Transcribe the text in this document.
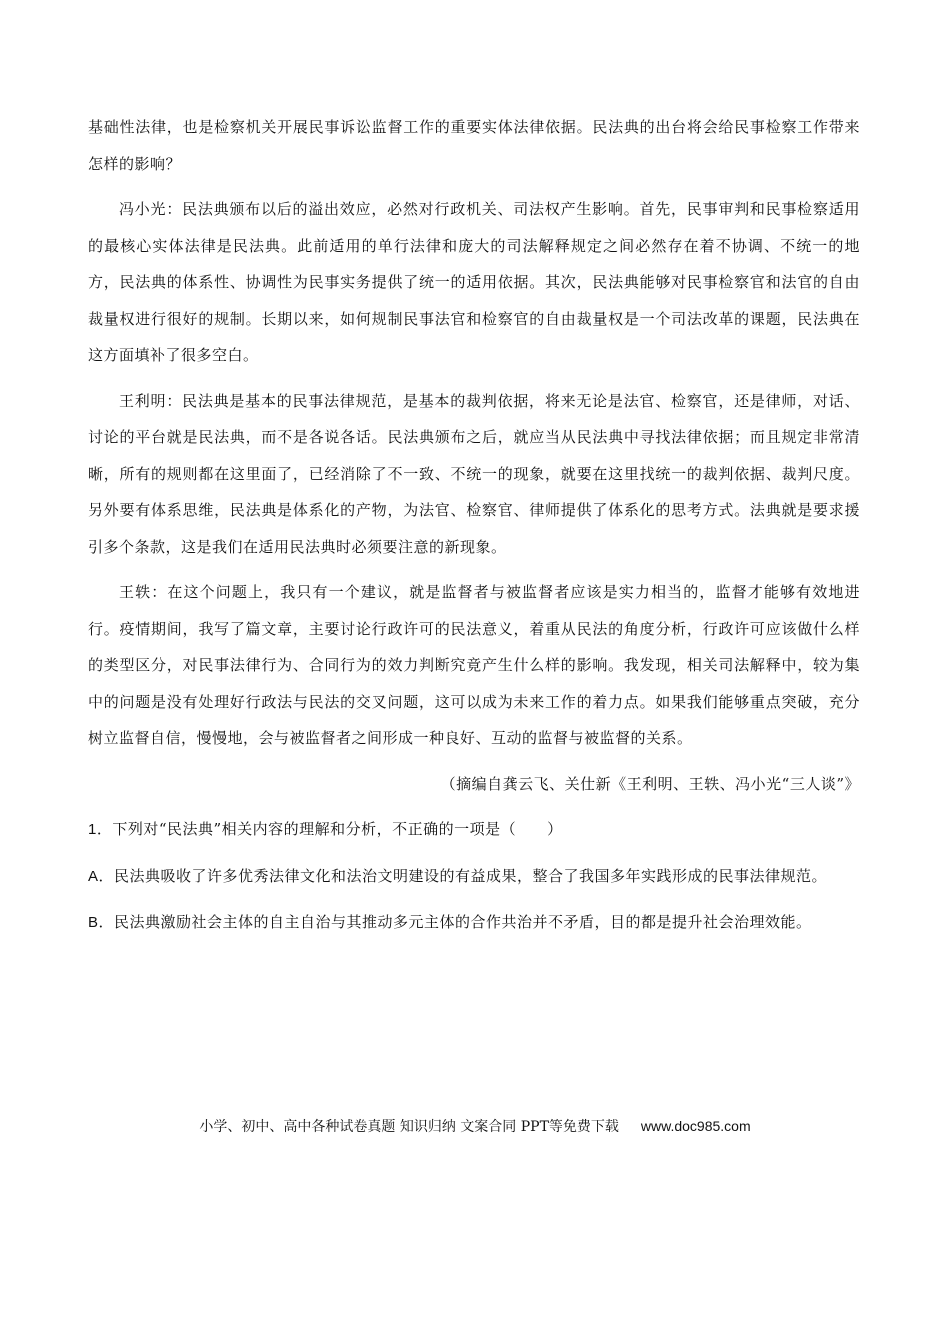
基础性法律，也是检察机关开展民事诉讼监督工作的重要实体法律依据。民法典的出台将会给民事检察工作带来怎样的影响？

冯小光：民法典颁布以后的溢出效应，必然对行政机关、司法权产生影响。首先，民事审判和民事检察适用的最核心实体法律是民法典。此前适用的单行法律和庞大的司法解释规定之间必然存在着不协调、不统一的地方，民法典的体系性、协调性为民事实务提供了统一的适用依据。其次，民法典能够对民事检察官和法官的自由裁量权进行很好的规制。长期以来，如何规制民事法官和检察官的自由裁量权是一个司法改革的课题，民法典在这方面填补了很多空白。

王利明：民法典是基本的民事法律规范，是基本的裁判依据，将来无论是法官、检察官，还是律师，对话、讨论的平台就是民法典，而不是各说各话。民法典颁布之后，就应当从民法典中寻找法律依据；而且规定非常清晰，所有的规则都在这里面了，已经消除了不一致、不统一的现象，就要在这里找统一的裁判依据、裁判尺度。另外要有体系思维，民法典是体系化的产物，为法官、检察官、律师提供了体系化的思考方式。法典就是要求援引多个条款，这是我们在适用民法典时必须要注意的新现象。

王轶：在这个问题上，我只有一个建议，就是监督者与被监督者应该是实力相当的，监督才能够有效地进行。疫情期间，我写了篇文章，主要讨论行政许可的民法意义，着重从民法的角度分析，行政许可应该做什么样的类型区分，对民事法律行为、合同行为的效力判断究竟产生什么样的影响。我发现，相关司法解释中，较为集中的问题是没有处理好行政法与民法的交叉问题，这可以成为未来工作的着力点。如果我们能够重点突破，充分树立监督自信，慢慢地，会与被监督者之间形成一种良好、互动的监督与被监督的关系。

（摘编自龚云飞、关仕新《王利明、王轶、冯小光“三人谈”》

1．下列对“民法典”相关内容的理解和分析，不正确的一项是（　　）

A．民法典吸收了许多优秀法律文化和法治文明建设的有益成果，整合了我国多年实践形成的民事法律规范。

B．民法典激励社会主体的自主自治与其推动多元主体的合作共治并不矛盾，目的都是提升社会治理效能。

小学、初中、高中各种试卷真题 知识归纳 文案合同 PPT等免费下载 www.doc985.com
